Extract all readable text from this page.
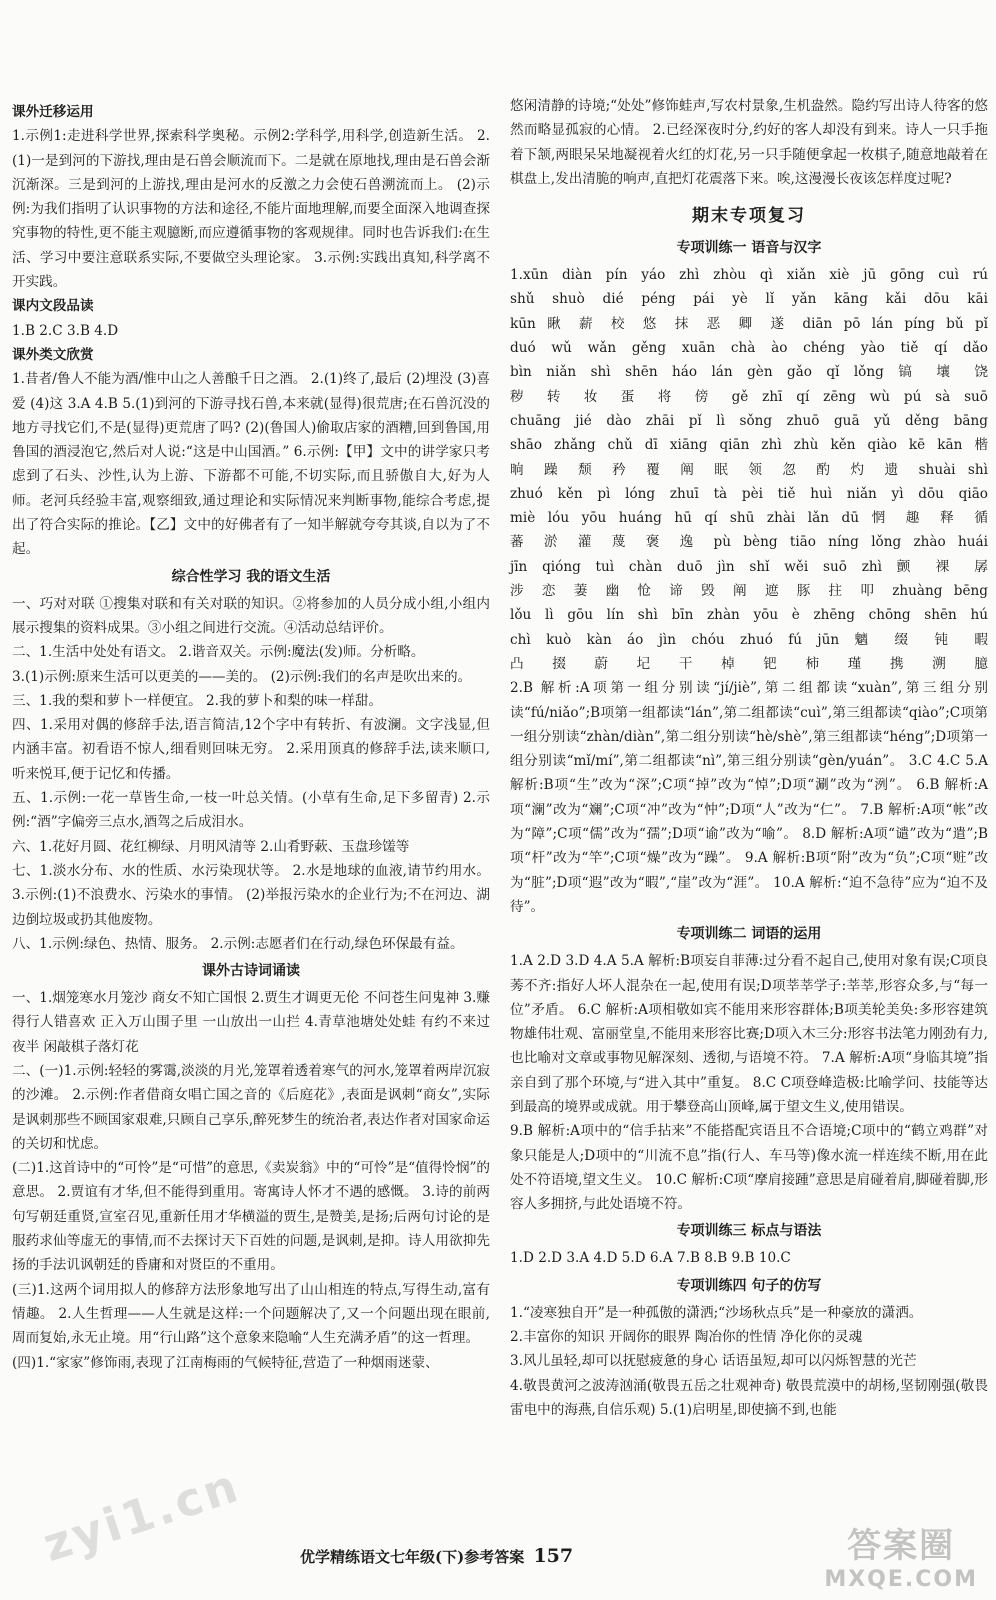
课外迁移运用

1.示例1:走进科学世界,探索科学奥秘。示例2:学科学,用科学,创造新生活。 2.(1)一是到河的下游找,理由是石兽会顺流而下。二是就在原地找,理由是石兽会渐沉渐深。三是到河的上游找,理由是河水的反激之力会使石兽溯流而上。 (2)示例:为我们指明了认识事物的方法和途径,不能片面地理解,而要全面深入地调查探究事物的特性,更不能主观臆断,而应遵循事物的客观规律。同时也告诉我们:在生活、学习中要注意联系实际,不要做空头理论家。 3.示例:实践出真知,科学离不开实践。

课内文段品读

1.B 2.C 3.B 4.D

课外类文欣赏

1.昔者/鲁人不能为酒/惟中山之人善酿千日之酒。 2.(1)终了,最后 (2)埋没 (3)喜爱 (4)这 3.A 4.B 5.(1)到河的下游寻找石兽,本来就(显得)很荒唐;在石兽沉没的地方寻找它们,不是(显得)更荒唐了吗? (2)(鲁国人)偷取店家的酒糟,回到鲁国,用鲁国的酒浸泡它,然后对人说:“这是中山国酒。” 6.示例:【甲】文中的讲学家只考虑到了石头、沙性,认为上游、下游都不可能,不切实际,而且骄傲自大,好为人师。老河兵经验丰富,观察细致,通过理论和实际情况来判断事物,能综合考虑,提出了符合实际的推论。【乙】文中的好佛者有了一知半解就夸夸其谈,自以为了不起。

综合性学习 我的语文生活

一、巧对对联 ①搜集对联和有关对联的知识。②将参加的人员分成小组,小组内展示搜集的资料成果。③小组之间进行交流。④活动总结评价。

二、1.生活中处处有语文。 2.谐音双关。示例:魔法(发)师。分析略。

3.(1)示例:原来生活可以更美的——美的。 (2)示例:我们的名声是吹出来的。

三、1.我的梨和萝卜一样便宜。 2.我的萝卜和梨的味一样甜。

四、1.采用对偶的修辞手法,语言简洁,12个字中有转折、有波澜。文字浅显,但内涵丰富。初看语不惊人,细看则回味无穷。 2.采用顶真的修辞手法,读来顺口,听来悦耳,便于记忆和传播。

五、1.示例:一花一草皆生命,一枝一叶总关情。(小草有生命,足下多留青) 2.示例:“酒”字偏旁三点水,酒驾之后成泪水。

六、1.花好月圆、花红柳绿、月明风清等 2.山肴野蔌、玉盘珍馐等

七、1.淡水分布、水的性质、水污染现状等。 2.水是地球的血液,请节约用水。 3.示例:(1)不浪费水、污染水的事情。 (2)举报污染水的企业行为;不在河边、湖边倒垃圾或扔其他废物。

八、1.示例:绿色、热情、服务。 2.示例:志愿者们在行动,绿色环保最有益。

课外古诗词诵读

一、1.烟笼寒水月笼沙 商女不知亡国恨 2.贾生才调更无伦 不问苍生问鬼神 3.赚得行人错喜欢 正入万山围子里 一山放出一山拦 4.青草池塘处处蛙 有约不来过夜半 闲敲棋子落灯花

二、(一)1.示例:轻轻的雾霭,淡淡的月光,笼罩着透着寒气的河水,笼罩着两岸沉寂的沙滩。 2.示例:作者借商女唱亡国之音的《后庭花》,表面是讽刺“商女”,实际是讽刺那些不顾国家艰难,只顾自己享乐,醉死梦生的统治者,表达作者对国家命运的关切和忧虑。

(二)1.这首诗中的“可怜”是“可惜”的意思,《卖炭翁》中的“可怜”是“值得怜悯”的意思。 2.贾谊有才华,但不能得到重用。寄寓诗人怀才不遇的感慨。 3.诗的前两句写朝廷重贤,宣室召见,重新任用才华横溢的贾生,是赞美,是扬;后两句讨论的是服药求仙等虚无的事情,而不去探讨天下百姓的问题,是讽刺,是抑。诗人用欲抑先扬的手法讥讽朝廷的昏庸和对贤臣的不重用。

(三)1.这两个词用拟人的修辞方法形象地写出了山山相连的特点,写得生动,富有情趣。 2.人生哲理——人生就是这样:一个问题解决了,又一个问题出现在眼前,周而复始,永无止境。用“行山路”这个意象来隐喻“人生充满矛盾”的这一哲理。

(四)1.“家家”修饰雨,表现了江南梅雨的气候特征,营造了一种烟雨迷蒙、

悠闲清静的诗境;“处处”修饰蛙声,写农村景象,生机盎然。隐约写出诗人待客的悠然而略显孤寂的心情。 2.已经深夜时分,约好的客人却没有到来。诗人一只手拖着下颔,两眼呆呆地凝视着火红的灯花,另一只手随便拿起一枚棋子,随意地敲着在棋盘上,发出清脆的响声,直把灯花震落下来。唉,这漫漫长夜该怎样度过呢?

期末专项复习
专项训练一 语音与汉字

1.xūn diàn pín yáo zhì zhòu qì xiǎn xiè jū gōng cuì rú

shǔ shuò dié péng pái yè lǐ yǎn kāng kǎi dōu kāi

kūn 瞅 薪 校 悠 抹 恶 卿 遂 diān pō lán píng bǔ pǐ

duó wǔ wǎn gěng xuān chà ào chéng yào tiě qí dǎo

bìn niǎn shì shēn háo lán gèn gǎo qǐ lǒng 镐 壤 饶

秽 转 妆 蛋 将 傍 gě zhī qí zēng wù pú sà suō

chuāng jié dào zhāi pǐ lì sǒng zhuō guā yǔ děng bāng

shāo zhǎng chǔ dī xiāng qiān zhì zhù kěn qiào kē kān 楷

晌 躁 颓 矜 覆 阐 眠 领 忽 酌 灼 遗 shuài shì

zhuó kěn pì lóng zhuī tà pèi tiě huì niǎn yì dōu qiāo

miè lóu yōu huáng hū qí shū zhài lǎn dū 惘 趣 释 循

蕃 淤 灌 蔑 褒 逸 pù bèng tiāo níng lǒng zhào huái

jīn qióng tuì chàn duō jìn shǐ wěi suō zhì 颤 裸 孱

涉 恋 萋 幽 怆 谛 毁 阐 遮 豚 拄 叩 zhuàng bēng

lǒu lì gōu lín shì bīn zhàn yōu è zhēng chōng shēn hú

chì kuò kàn áo jìn chóu zhuó fú jūn 魑 缀 钝 暇

凸 掇 蔚 圮 干 棹 钯 柿 瑾 携 溯 臆

2.B 解析:A项第一组分别读“jí/jiè”,第二组都读“xuàn”,第三组分别读“fú/niǎo”;B项第一组都读“lán”,第二组都读“cuì”,第三组都读“qiào”;C项第一组分别读“zhàn/diàn”,第二组分别读“hè/shè”,第三组都读“héng”;D项第一组分别读“mǐ/mí”,第二组都读“nì”,第三组分别读“gèn/yuán”。 3.C 4.C 5.A 解析:B项“生”改为“深”;C项“掉”改为“悼”;D项“涮”改为“洌”。 6.B 解析:A项“澜”改为“斓”;C项“冲”改为“忡”;D项“人”改为“仁”。 7.B 解析:A项“帐”改为“障”;C项“儒”改为“孺”;D项“谕”改为“喻”。 8.D 解析:A项“谴”改为“遣”;B项“杆”改为“竿”;C项“燥”改为“躁”。 9.A 解析:B项“附”改为“负”;C项“赃”改为“脏”;D项“遐”改为“暇”,“崖”改为“涯”。 10.A 解析:“迫不急待”应为“迫不及待”。

专项训练二 词语的运用

1.A 2.D 3.D 4.A 5.A 解析:B项妄自菲薄:过分看不起自己,使用对象有误;C项良莠不齐:指好人坏人混杂在一起,使用有误;D项莘莘学子:莘莘,形容众多,与“每一位”矛盾。 6.C 解析:A项相敬如宾不能用来形容群体;B项美轮美奂:多形容建筑物雄伟壮观、富丽堂皇,不能用来形容比赛;D项入木三分:形容书法笔力刚劲有力,也比喻对文章或事物见解深刻、透彻,与语境不符。 7.A 解析:A项“身临其境”指亲自到了那个环境,与“进入其中”重复。 8.C C项登峰造极:比喻学问、技能等达到最高的境界或成就。用于攀登高山顶峰,属于望文生义,使用错误。

9.B 解析:A项中的“信手拈来”不能搭配宾语且不合语境;C项中的“鹤立鸡群”对象只能是人;D项中的“川流不息”指(行人、车马等)像水流一样连续不断,用在此处不符语境,望文生义。 10.C 解析:C项“摩肩接踵”意思是肩碰着肩,脚碰着脚,形容人多拥挤,与此处语境不符。

专项训练三 标点与语法

1.D 2.D 3.A 4.D 5.D 6.A 7.B 8.B 9.B 10.C

专项训练四 句子的仿写

1.“凌寒独自开”是一种孤傲的潇洒;“沙场秋点兵”是一种豪放的潇洒。

2.丰富你的知识 开阔你的眼界 陶冶你的性情 净化你的灵魂

3.风儿虽轻,却可以抚慰疲惫的身心 话语虽短,却可以闪烁智慧的光芒

4.敬畏黄河之波涛汹涌(敬畏五岳之壮观神奇) 敬畏荒漠中的胡杨,坚韧刚强(敬畏雷电中的海燕,自信乐观) 5.(1)启明星,即使摘不到,也能

优学精练语文七年级(下)参考答案 157
zyi1.cn	答案圈
MXQE.COM
